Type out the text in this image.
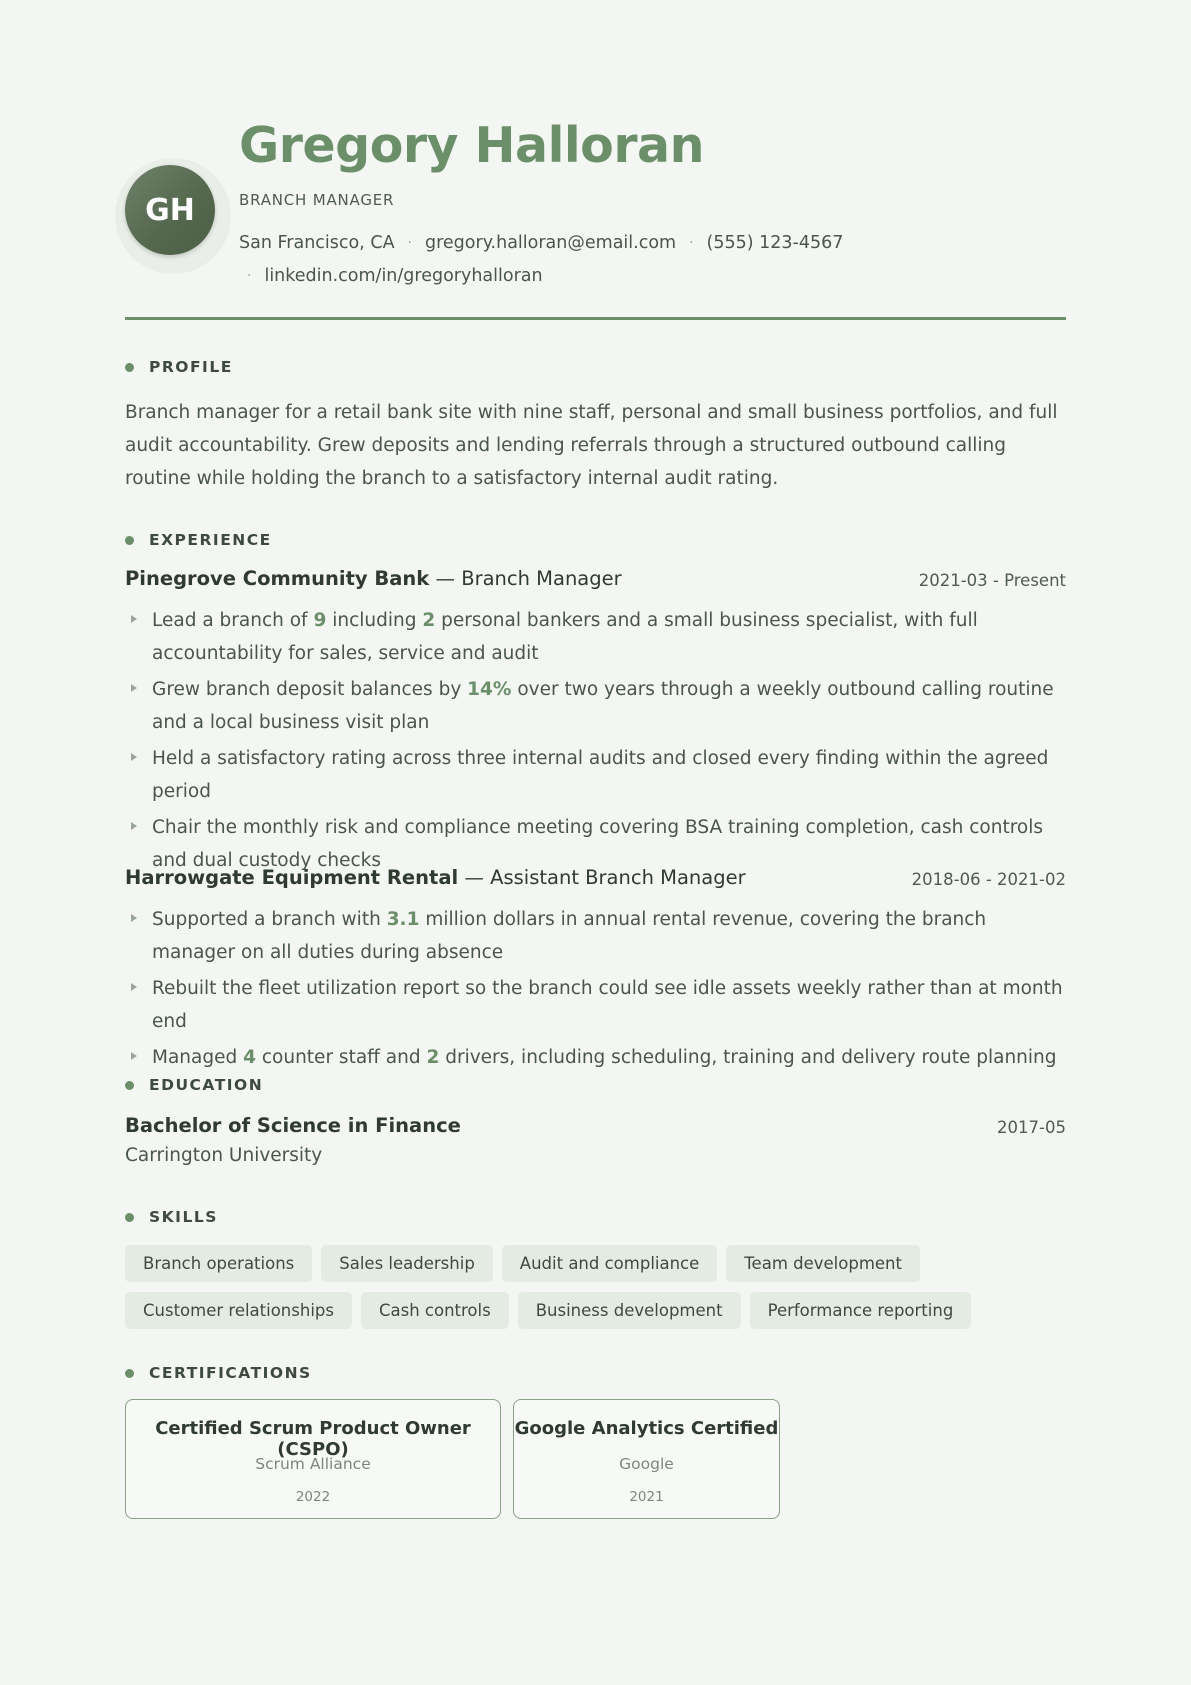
GH
Gregory Halloran
BRANCH MANAGER
San Francisco, CA · gregory.halloran@email.com · (555) 123-4567
· linkedin.com/in/gregoryhalloran
PROFILE
Branch manager for a retail bank site with nine staff, personal and small business portfolios, and full audit accountability. Grew deposits and lending referrals through a structured outbound calling routine while holding the branch to a satisfactory internal audit rating.
EXPERIENCE
Pinegrove Community Bank — Branch Manager	2021-03 - Present
Lead a branch of 9 including 2 personal bankers and a small business specialist, with full accountability for sales, service and audit
Grew branch deposit balances by 14% over two years through a weekly outbound calling routine and a local business visit plan
Held a satisfactory rating across three internal audits and closed every finding within the agreed period
Chair the monthly risk and compliance meeting covering BSA training completion, cash controls and dual custody checks
Harrowgate Equipment Rental — Assistant Branch Manager	2018-06 - 2021-02
Supported a branch with 3.1 million dollars in annual rental revenue, covering the branch manager on all duties during absence
Rebuilt the fleet utilization report so the branch could see idle assets weekly rather than at month end
Managed 4 counter staff and 2 drivers, including scheduling, training and delivery route planning
EDUCATION
Bachelor of Science in Finance	2017-05
Carrington University
SKILLS
Branch operations	Sales leadership	Audit and compliance	Team development
Customer relationships	Cash controls	Business development	Performance reporting
CERTIFICATIONS
Certified Scrum Product Owner (CSPO)
Scrum Alliance
2022
Google Analytics Certified
Google
2021
